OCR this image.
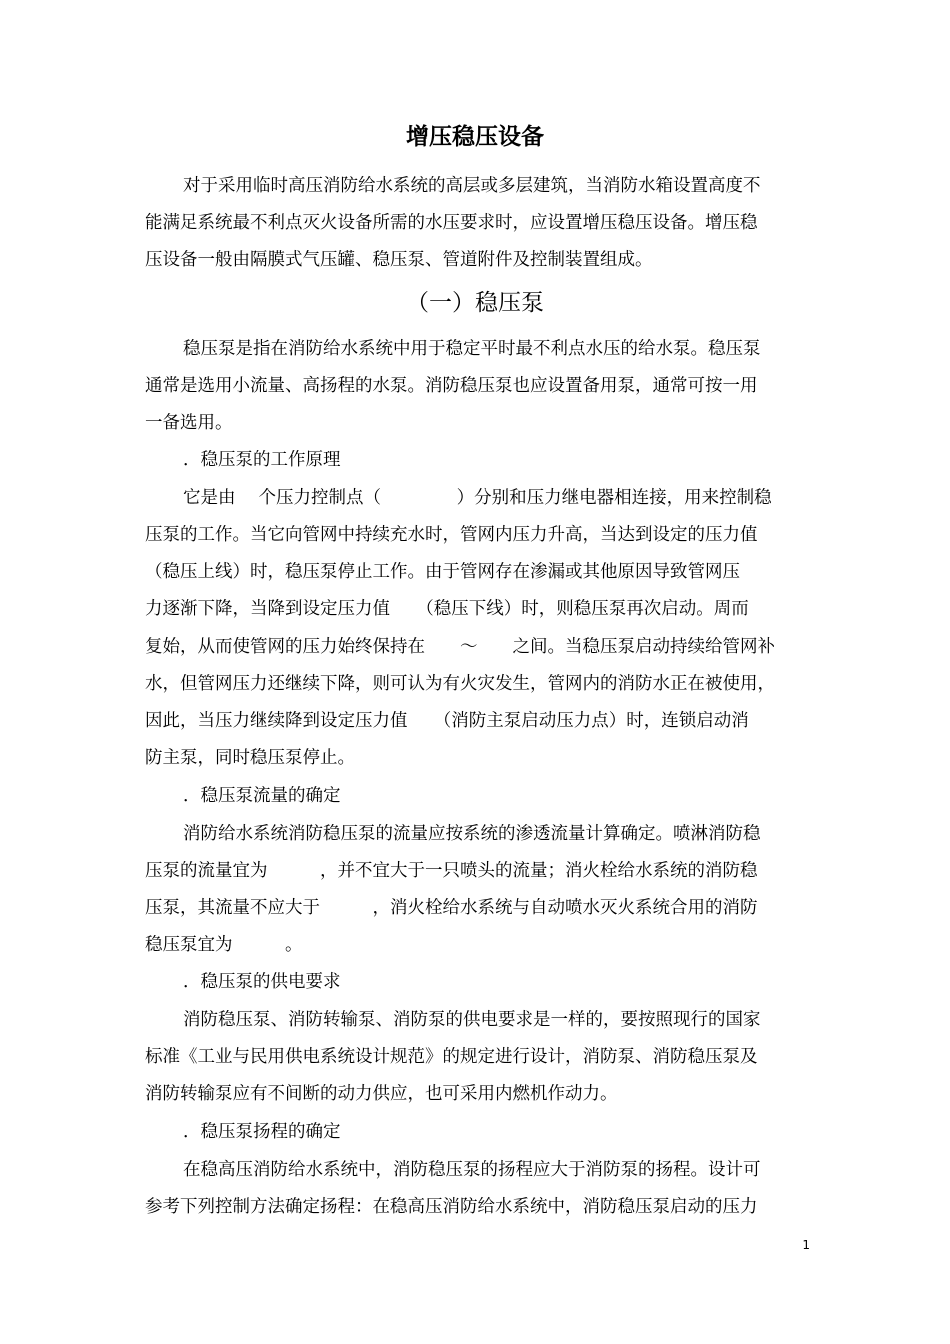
增压稳压设备
对于采用临时高压消防给水系统的高层或多层建筑，当消防水箱设置高度不
能满足系统最不利点灭火设备所需的水压要求时，应设置增压稳压设备。增压稳
压设备一般由隔膜式气压罐、稳压泵、管道附件及控制装置组成。
（一）稳压泵
稳压泵是指在消防给水系统中用于稳定平时最不利点水压的给水泵。稳压泵
通常是选用小流量、高扬程的水泵。消防稳压泵也应设置备用泵，通常可按一用
一备选用。
．稳压泵的工作原理
它是由　 个压力控制点（　　　　 ）分别和压力继电器相连接，用来控制稳
压泵的工作。当它向管网中持续充水时，管网内压力升高，当达到设定的压力值
（稳压上线）时，稳压泵停止工作。由于管网存在渗漏或其他原因导致管网压
力逐渐下降，当降到设定压力值　　（稳压下线）时，则稳压泵再次启动。周而
复始，从而使管网的压力始终保持在　　～　　之间。当稳压泵启动持续给管网补
水，但管网压力还继续下降，则可认为有火灾发生，管网内的消防水正在被使用，
因此，当压力继续降到设定压力值　　（消防主泵启动压力点）时，连锁启动消
防主泵，同时稳压泵停止。
．稳压泵流量的确定
消防给水系统消防稳压泵的流量应按系统的渗透流量计算确定。喷淋消防稳
压泵的流量宜为　　　，并不宜大于一只喷头的流量；消火栓给水系统的消防稳
压泵，其流量不应大于　　　，消火栓给水系统与自动喷水灭火系统合用的消防
稳压泵宜为　　　。
．稳压泵的供电要求
消防稳压泵、消防转输泵、消防泵的供电要求是一样的，要按照现行的国家
标准《工业与民用供电系统设计规范》的规定进行设计，消防泵、消防稳压泵及
消防转输泵应有不间断的动力供应，也可采用内燃机作动力。
．稳压泵扬程的确定
在稳高压消防给水系统中，消防稳压泵的扬程应大于消防泵的扬程。设计可
参考下列控制方法确定扬程：在稳高压消防给水系统中，消防稳压泵启动的压力
1
